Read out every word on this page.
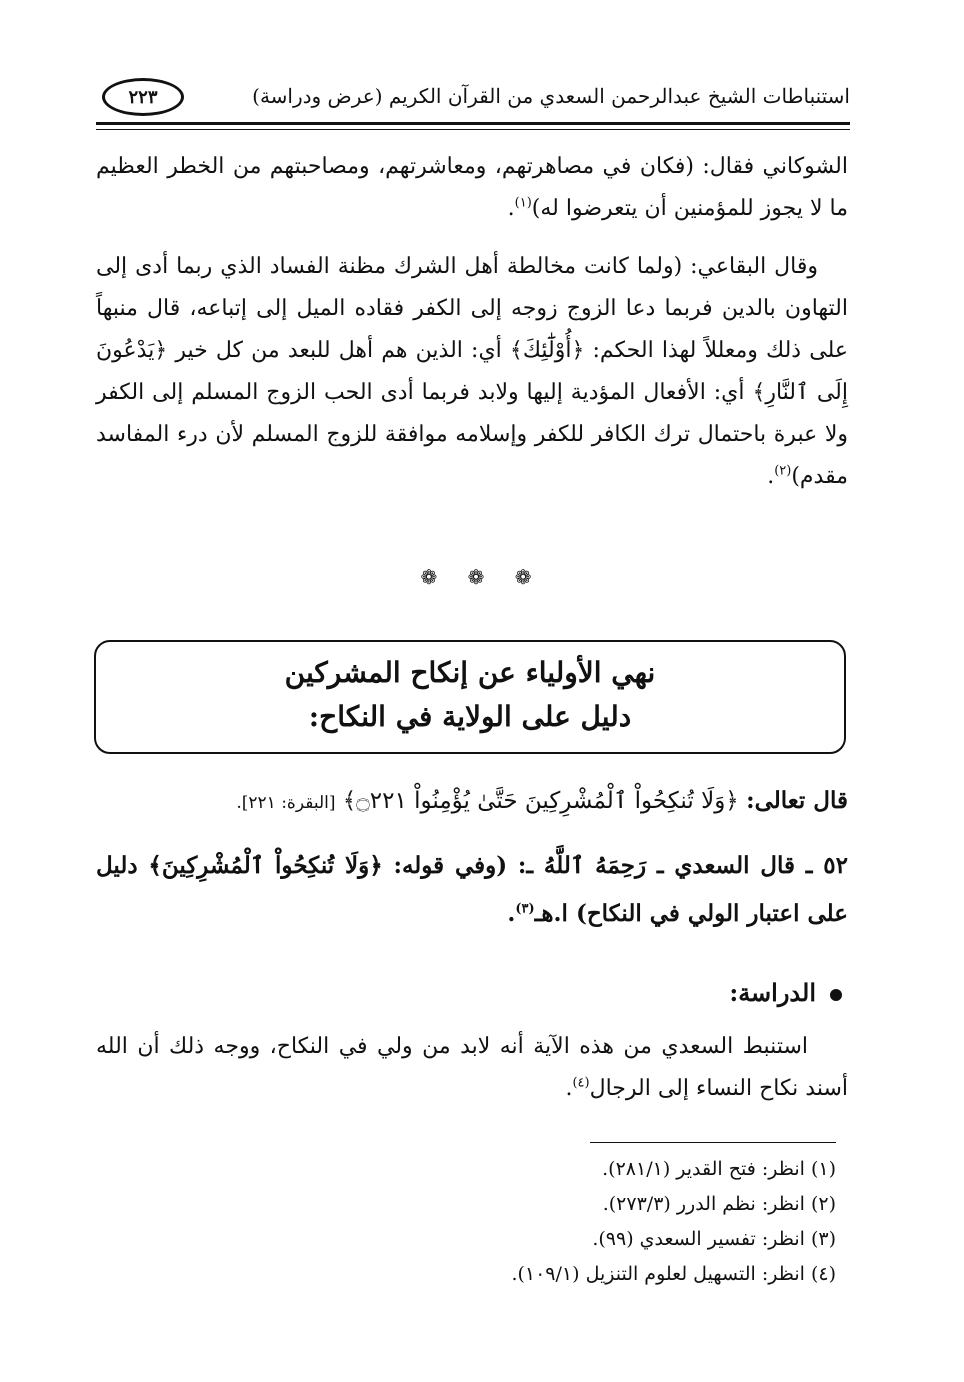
استنباطات الشيخ عبدالرحمن السعدي من القرآن الكريم (عرض ودراسة)
٢٢٣
الشوكاني فقال: (فكان في مصاهرتهم، ومعاشرتهم، ومصاحبتهم من الخطر العظيم ما لا يجوز للمؤمنين أن يتعرضوا له)$^{(١)}$.
وقال البقاعي: (ولما كانت مخالطة أهل الشرك مظنة الفساد الذي ربما أدى إلى التهاون بالدين فربما دعا الزوج زوجه إلى الكفر فقاده الميل إلى إتباعه، قال منبهاً على ذلك ومعللاً لهذا الحكم: ﴿أُوْلَٰٓئِكَ﴾ أي: الذين هم أهل للبعد من كل خير ﴿يَدْعُونَ إِلَى ٱلنَّارِ﴾ أي: الأفعال المؤدية إليها ولابد فربما أدى الحب الزوج المسلم إلى الكفر ولا عبرة باحتمال ترك الكافر للكفر وإسلامه موافقة للزوج المسلم لأن درء المفاسد مقدم)$^{(٢)}$.
❁ ❁ ❁
نهي الأولياء عن إنكاح المشركين
دليل على الولاية في النكاح:
قال تعالى: ﴿وَلَا تُنكِحُواْ ٱلْمُشْرِكِينَ حَتَّىٰ يُؤْمِنُواْ ۝٢٢١﴾ [البقرة: ٢٢١].
٥٢ ـ قال السعدي ـ رَحِمَهُ ٱللَّهُ ـ: (وفي قوله: ﴿وَلَا تُنكِحُواْ ٱلْمُشْرِكِينَ﴾ دليل على اعتبار الولي في النكاح) ا.هـ$^{(٣)}$.
الدراسة:
استنبط السعدي من هذه الآية أنه لابد من ولي في النكاح، ووجه ذلك أن الله أسند نكاح النساء إلى الرجال$^{(٤)}$.
(١) انظر: فتح القدير (٢٨١/١).
(٢) انظر: نظم الدرر (٢٧٣/٣).
(٣) انظر: تفسير السعدي (٩٩).
(٤) انظر: التسهيل لعلوم التنزيل (١٠٩/١).
